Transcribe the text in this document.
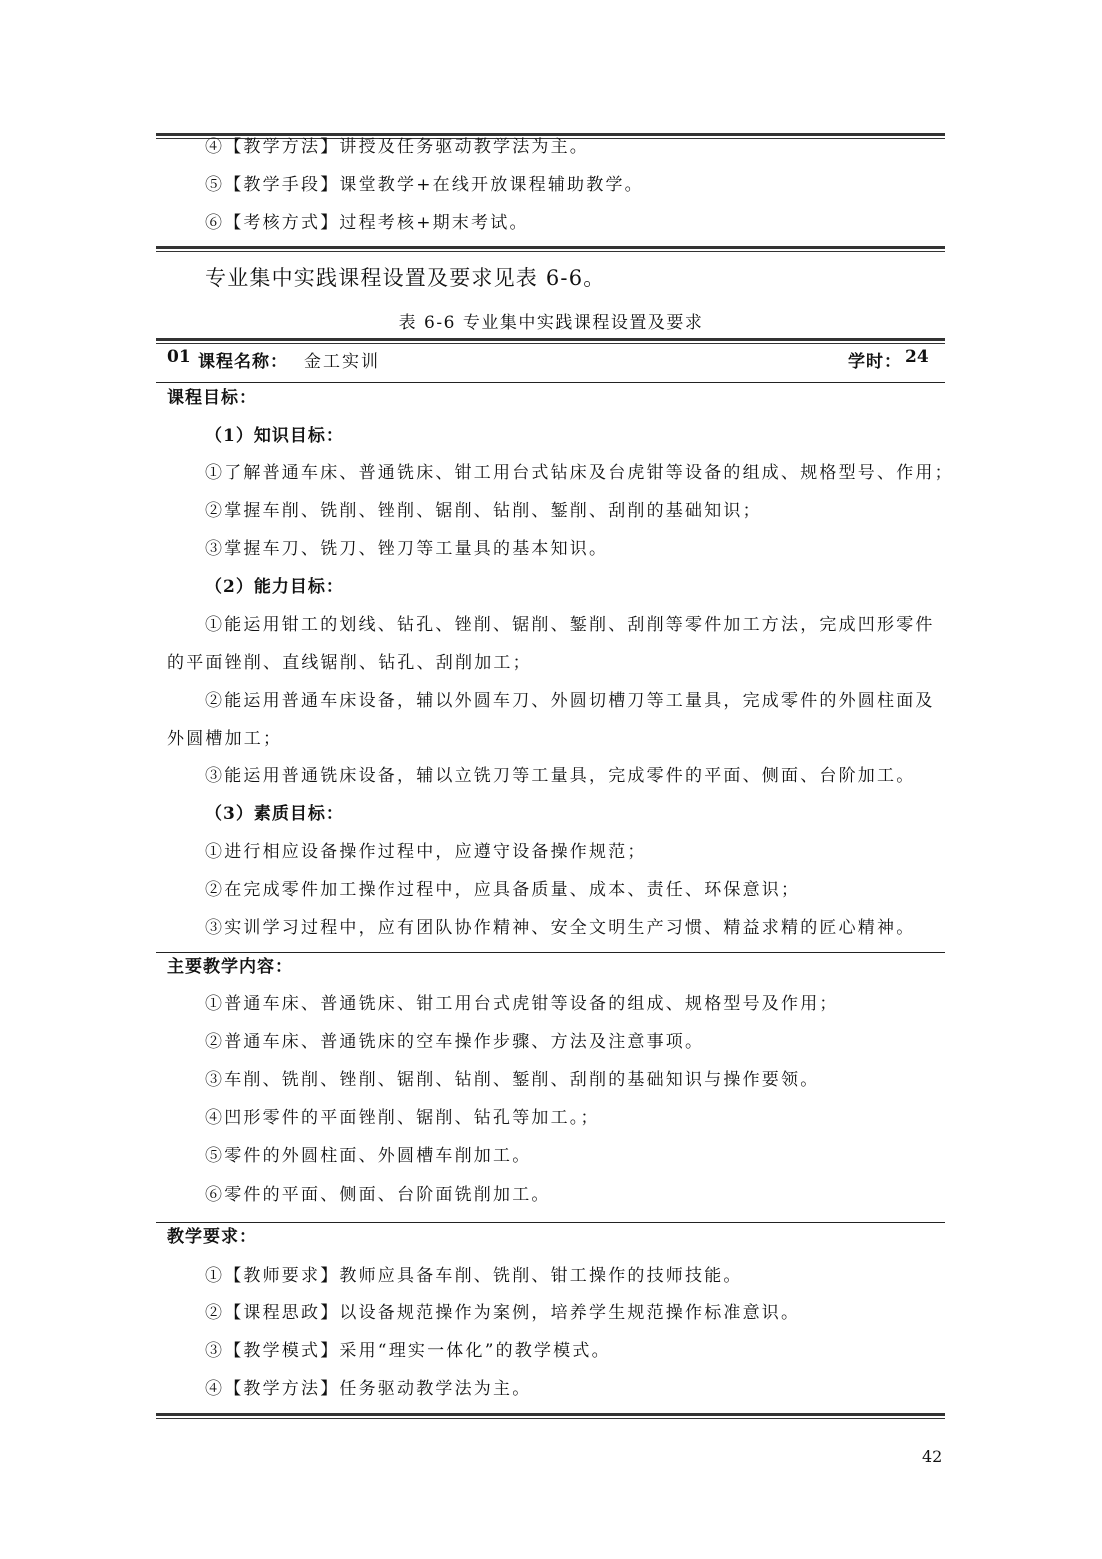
④【教学方法】讲授及任务驱动教学法为主。
⑤【教学手段】课堂教学+在线开放课程辅助教学。
⑥【考核方式】过程考核+期末考试。
专业集中实践课程设置及要求见表 6-6。
表 6-6 专业集中实践课程设置及要求
01 课程名称： 金工实训	学时： 24
课程目标：
（1）知识目标：
①了解普通车床、普通铣床、钳工用台式钻床及台虎钳等设备的组成、规格型号、作用；
②掌握车削、铣削、锉削、锯削、钻削、錾削、刮削的基础知识；
③掌握车刀、铣刀、锉刀等工量具的基本知识。
（2）能力目标：
①能运用钳工的划线、钻孔、锉削、锯削、錾削、刮削等零件加工方法，完成凹形零件
的平面锉削、直线锯削、钻孔、刮削加工；
②能运用普通车床设备，辅以外圆车刀、外圆切槽刀等工量具，完成零件的外圆柱面及
外圆槽加工；
③能运用普通铣床设备，辅以立铣刀等工量具，完成零件的平面、侧面、台阶加工。
（3）素质目标：
①进行相应设备操作过程中，应遵守设备操作规范；
②在完成零件加工操作过程中，应具备质量、成本、责任、环保意识；
③实训学习过程中，应有团队协作精神、安全文明生产习惯、精益求精的匠心精神。
主要教学内容：
①普通车床、普通铣床、钳工用台式虎钳等设备的组成、规格型号及作用；
②普通车床、普通铣床的空车操作步骤、方法及注意事项。
③车削、铣削、锉削、锯削、钻削、錾削、刮削的基础知识与操作要领。
④凹形零件的平面锉削、锯削、钻孔等加工。；
⑤零件的外圆柱面、外圆槽车削加工。
⑥零件的平面、侧面、台阶面铣削加工。
教学要求：
①【教师要求】教师应具备车削、铣削、钳工操作的技师技能。
②【课程思政】以设备规范操作为案例，培养学生规范操作标准意识。
③【教学模式】采用“理实一体化”的教学模式。
④【教学方法】任务驱动教学法为主。
42
